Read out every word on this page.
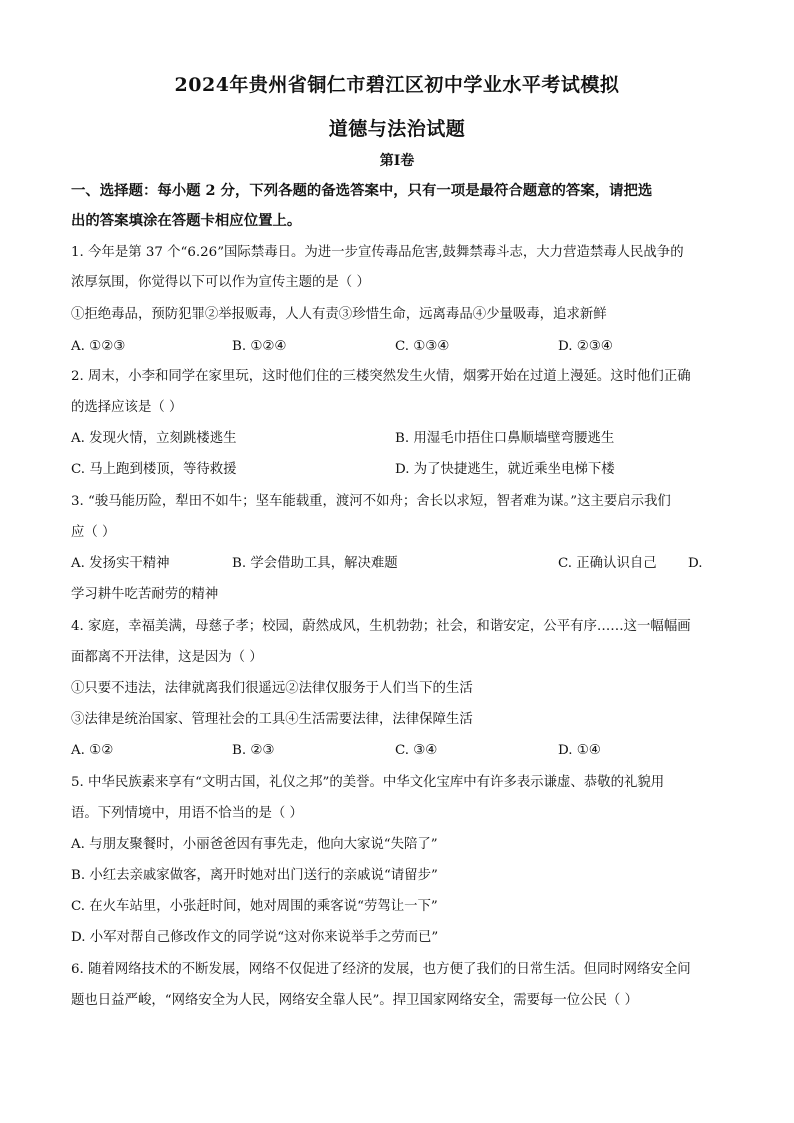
2024年贵州省铜仁市碧江区初中学业水平考试模拟
道德与法治试题
第Ⅰ卷
一、选择题：每小题 2 分，下列各题的备选答案中，只有一项是最符合题意的答案，请把选
出的答案填涂在答题卡相应位置上。
1. 今年是第 37 个“6.26”国际禁毒日。为进一步宣传毒品危害,鼓舞禁毒斗志，大力营造禁毒人民战争的
浓厚氛围，你觉得以下可以作为宣传主题的是（ ）
①拒绝毒品，预防犯罪②举报贩毒，人人有责③珍惜生命，远离毒品④少量吸毒，追求新鲜
A. ①②③	B. ①②④	C. ①③④	D. ②③④
2. 周末，小李和同学在家里玩，这时他们住的三楼突然发生火情，烟雾开始在过道上漫延。这时他们正确
的选择应该是（ ）
A. 发现火情，立刻跳楼逃生	B. 用湿毛巾捂住口鼻顺墙壁弯腰逃生
C. 马上跑到楼顶，等待救援	D. 为了快捷逃生，就近乘坐电梯下楼
3. “骏马能历险，犁田不如牛；坚车能载重，渡河不如舟；舍长以求短，智者难为谋。”这主要启示我们
应（ ）
A. 发扬实干精神	B. 学会借助工具，解决难题	C. 正确认识自己 D.
学习耕牛吃苦耐劳的精神
4. 家庭，幸福美满，母慈子孝；校园，蔚然成风，生机勃勃；社会，和谐安定，公平有序……这一幅幅画
面都离不开法律，这是因为（ ）
①只要不违法，法律就离我们很遥远②法律仅服务于人们当下的生活
③法律是统治国家、管理社会的工具④生活需要法律，法律保障生活
A. ①②	B. ②③	C. ③④	D. ①④
5. 中华民族素来享有“文明古国，礼仪之邦”的美誉。中华文化宝库中有许多表示谦虚、恭敬的礼貌用
语。下列情境中，用语不恰当的是（ ）
A. 与朋友聚餐时，小丽爸爸因有事先走，他向大家说“失陪了”
B. 小红去亲戚家做客，离开时她对出门送行的亲戚说“请留步”
C. 在火车站里，小张赶时间，她对周围的乘客说“劳驾让一下”
D. 小军对帮自己修改作文的同学说“这对你来说举手之劳而已”
6. 随着网络技术的不断发展，网络不仅促进了经济的发展，也方便了我们的日常生活。但同时网络安全问
题也日益严峻，“网络安全为人民，网络安全靠人民”。捍卫国家网络安全，需要每一位公民（ ）
